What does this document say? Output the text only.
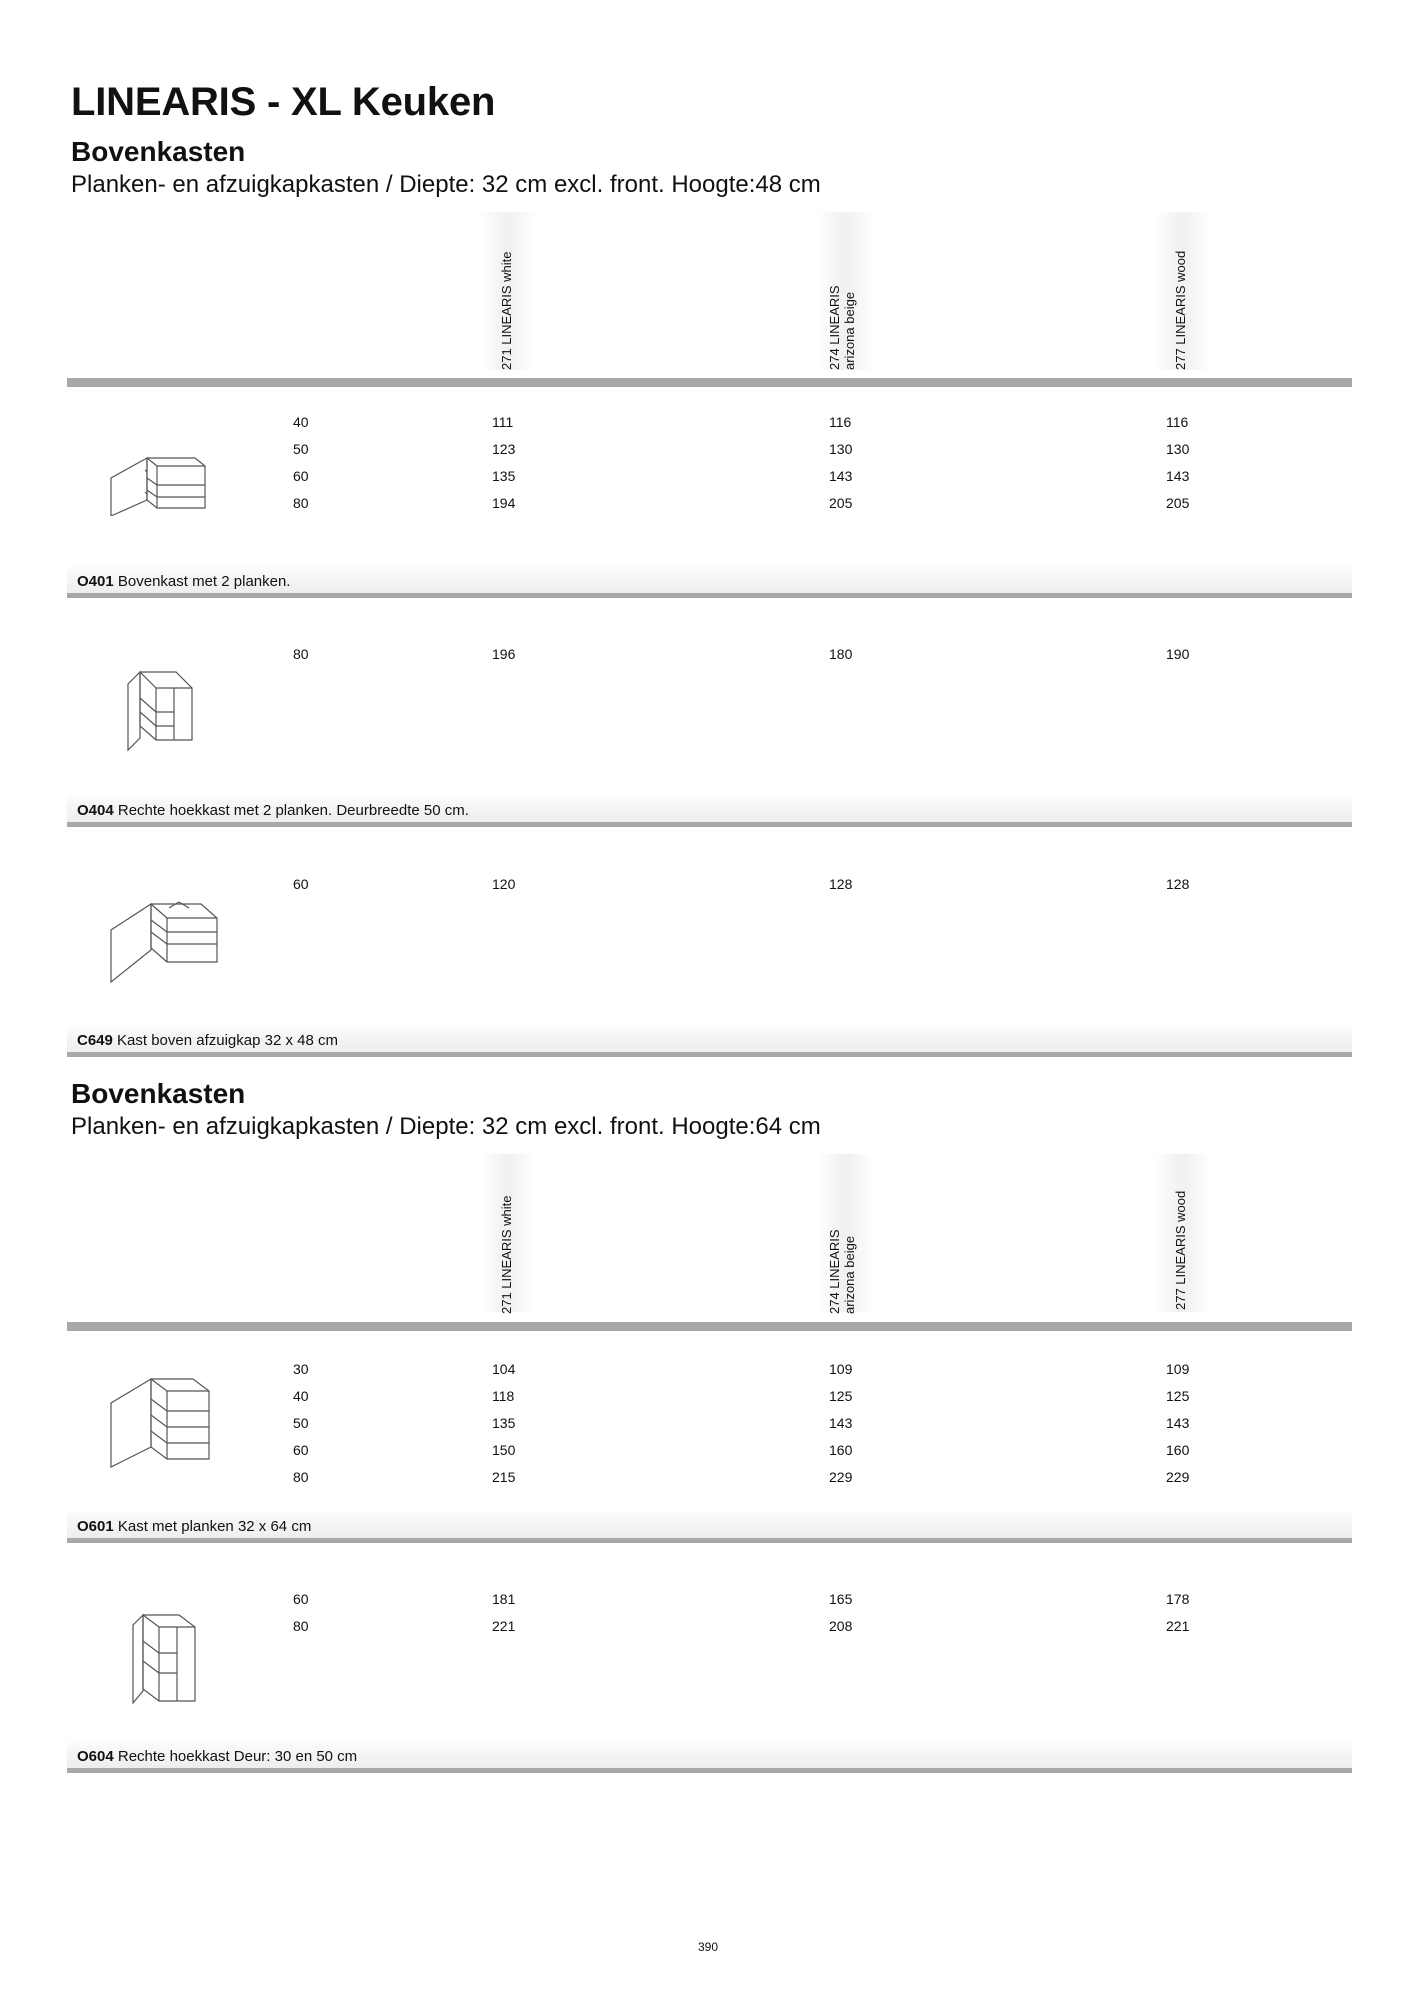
LINEARIS - XL Keuken
Bovenkasten
Planken- en afzuigkapkasten / Diepte: 32 cm excl. front. Hoogte:48 cm
271 LINEARIS white	274 LINEARIS arizona beige	277 LINEARIS wood
40	111	116	116
50	123	130	130
60	135	143	143
80	194	205	205
O401 Bovenkast met 2 planken.
80	196	180	190
O404 Rechte hoekkast met 2 planken. Deurbreedte 50 cm.
60	120	128	128
C649 Kast boven afzuigkap 32 x 48 cm
Bovenkasten
Planken- en afzuigkapkasten / Diepte: 32 cm excl. front. Hoogte:64 cm
271 LINEARIS white	274 LINEARIS arizona beige	277 LINEARIS wood
30	104	109	109
40	118	125	125
50	135	143	143
60	150	160	160
80	215	229	229
O601 Kast met planken 32 x 64 cm
60	181	165	178
80	221	208	221
O604 Rechte hoekkast Deur: 30 en 50 cm
390
